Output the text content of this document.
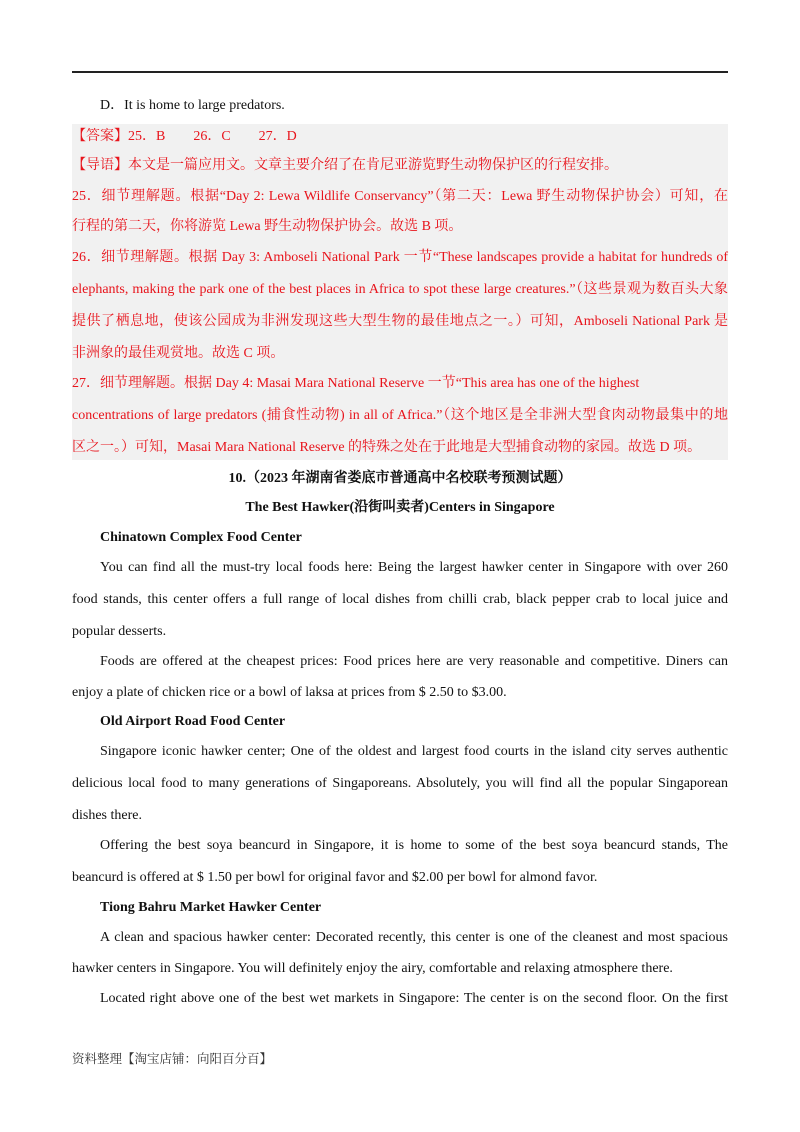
D．It is home to large predators.
【答案】25．B　　26．C　　27．D
【导语】本文是一篇应用文。文章主要介绍了在肯尼亚游览野生动物保护区的行程安排。
25．细节理解题。根据“Day 2: Lewa Wildlife Conservancy”（第二天：Lewa 野生动物保护协会）可知，在
行程的第二天，你将游览 Lewa 野生动物保护协会。故选 B 项。
26．细节理解题。根据 Day 3: Amboseli National Park 一节“These landscapes provide a habitat for hundreds of
elephants, making the park one of the best places in Africa to spot these large creatures.”（这些景观为数百头大象
提供了栖息地，使该公园成为非洲发现这些大型生物的最佳地点之一。）可知，Amboseli National Park 是
非洲象的最佳观赏地。故选 C 项。
27．细节理解题。根据 Day 4: Masai Mara National Reserve 一节“This area has one of the highest
concentrations of large predators (捕食性动物) in all of Africa.”（这个地区是全非洲大型食肉动物最集中的地
区之一。）可知，Masai Mara National Reserve 的特殊之处在于此地是大型捕食动物的家园。故选 D 项。
10.（2023 年湖南省娄底市普通高中名校联考预测试题）
The Best Hawker(沿街叫卖者)Centers in Singapore
Chinatown Complex Food Center
You can find all the must-try local foods here: Being the largest hawker center in Singapore with over 260
food stands, this center offers a full range of local dishes from chilli crab, black pepper crab to local juice and
popular desserts.
Foods are offered at the cheapest prices: Food prices here are very reasonable and competitive. Diners can
enjoy a plate of chicken rice or a bowl of laksa at prices from $ 2.50 to $3.00.
Old Airport Road Food Center
Singapore iconic hawker center; One of the oldest and largest food courts in the island city serves authentic
delicious local food to many generations of Singaporeans. Absolutely, you will find all the popular Singaporean
dishes there.
Offering the best soya beancurd in Singapore, it is home to some of the best soya beancurd stands, The
beancurd is offered at $ 1.50 per bowl for original favor and $2.00 per bowl for almond favor.
Tiong Bahru Market Hawker Center
A clean and spacious hawker center: Decorated recently, this center is one of the cleanest and most spacious
hawker centers in Singapore. You will definitely enjoy the airy, comfortable and relaxing atmosphere there.
Located right above one of the best wet markets in Singapore: The center is on the second floor. On the first
资料整理【淘宝店铺：向阳百分百】
